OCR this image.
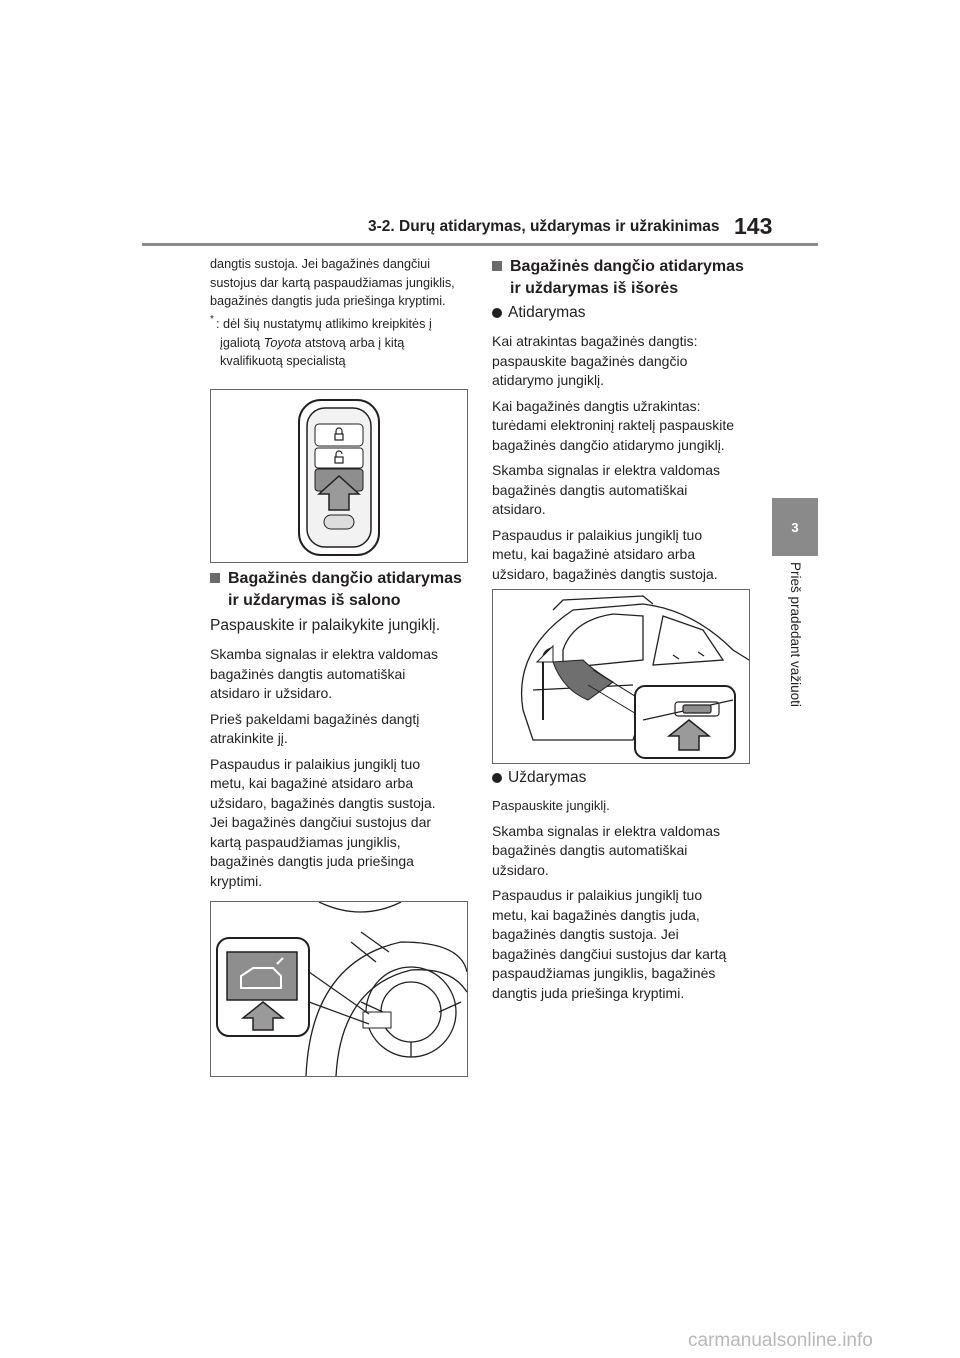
3-2. Durų atidarymas, uždarymas ir užrakinimas 143
3
Prieš pradedant važiuoti

dangtis sustoja. Jei bagažinės dangčiui

sustojus dar kartą paspaudžiamas jungiklis,

bagažinės dangtis juda priešinga kryptimi.

* : dėl šių nustatymų atlikimo kreipkitės į
įgaliotą Toyota atstovą arba į kitą
kvalifikuotą specialistą
Bagažinės dangčio atidarymas
ir uždarymas iš salono
Paspauskite ir palaikykite jungiklį.
Skamba signalas ir elektra valdomas
bagažinės dangtis automatiškai
atsidaro ir užsidaro.
Prieš pakeldami bagažinės dangtį
atrakinkite jį.
Paspaudus ir palaikius jungiklį tuo
metu, kai bagažinė atsidaro arba
užsidaro, bagažinės dangtis sustoja.
Jei bagažinės dangčiui sustojus dar
kartą paspaudžiamas jungiklis,
bagažinės dangtis juda priešinga
kryptimi.
Bagažinės dangčio atidarymas
ir uždarymas iš išorės
Atidarymas
Kai atrakintas bagažinės dangtis:
paspauskite bagažinės dangčio
atidarymo jungiklį.
Kai bagažinės dangtis užrakintas:
turėdami elektroninį raktelį paspauskite
bagažinės dangčio atidarymo jungiklį.
Skamba signalas ir elektra valdomas
bagažinės dangtis automatiškai
atsidaro.
Paspaudus ir palaikius jungiklį tuo
metu, kai bagažinė atsidaro arba
užsidaro, bagažinės dangtis sustoja.
Uždarymas
Paspauskite jungiklį.
Skamba signalas ir elektra valdomas
bagažinės dangtis automatiškai
užsidaro.
Paspaudus ir palaikius jungiklį tuo
metu, kai bagažinės dangtis juda,
bagažinės dangtis sustoja. Jei
bagažinės dangčiui sustojus dar kartą
paspaudžiamas jungiklis, bagažinės
dangtis juda priešinga kryptimi.
carmanualsonline.info
